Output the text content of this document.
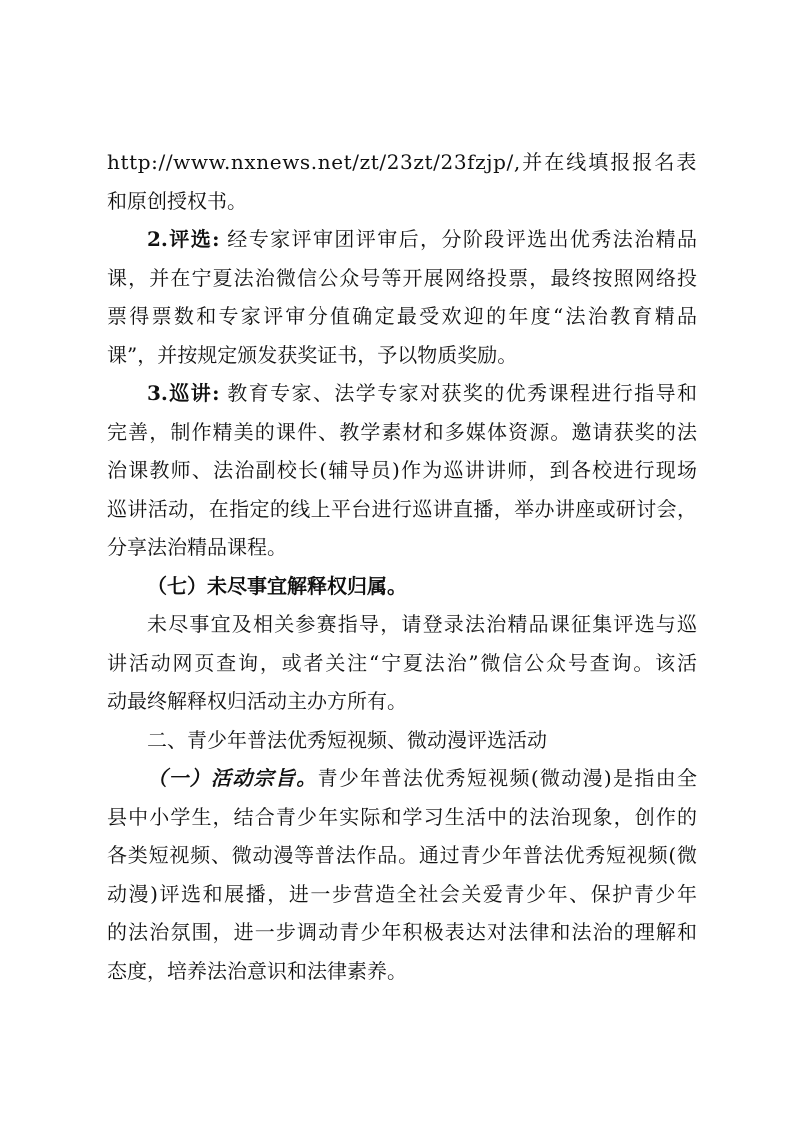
http://www.nxnews.net/zt/23zt/23fzjp/,并在线填报报名表
和原创授权书。
2.评选: 经专家评审团评审后，分阶段评选出优秀法治精品
课，并在宁夏法治微信公众号等开展网络投票，最终按照网络投
票得票数和专家评审分值确定最受欢迎的年度“法治教育精品
课”，并按规定颁发获奖证书，予以物质奖励。
3.巡讲: 教育专家、法学专家对获奖的优秀课程进行指导和
完善，制作精美的课件、教学素材和多媒体资源。邀请获奖的法
治课教师、法治副校长(辅导员)作为巡讲讲师，到各校进行现场
巡讲活动，在指定的线上平台进行巡讲直播，举办讲座或研讨会，
分享法治精品课程。
（七）未尽事宜解释权归属。
未尽事宜及相关参赛指导，请登录法治精品课征集评选与巡
讲活动网页查询，或者关注“宁夏法治”微信公众号查询。该活
动最终解释权归活动主办方所有。
二、青少年普法优秀短视频、微动漫评选活动
（一）活动宗旨。青少年普法优秀短视频(微动漫)是指由全
县中小学生，结合青少年实际和学习生活中的法治现象，创作的
各类短视频、微动漫等普法作品。通过青少年普法优秀短视频(微
动漫)评选和展播，进一步营造全社会关爱青少年、保护青少年
的法治氛围，进一步调动青少年积极表达对法律和法治的理解和
态度，培养法治意识和法律素养。
